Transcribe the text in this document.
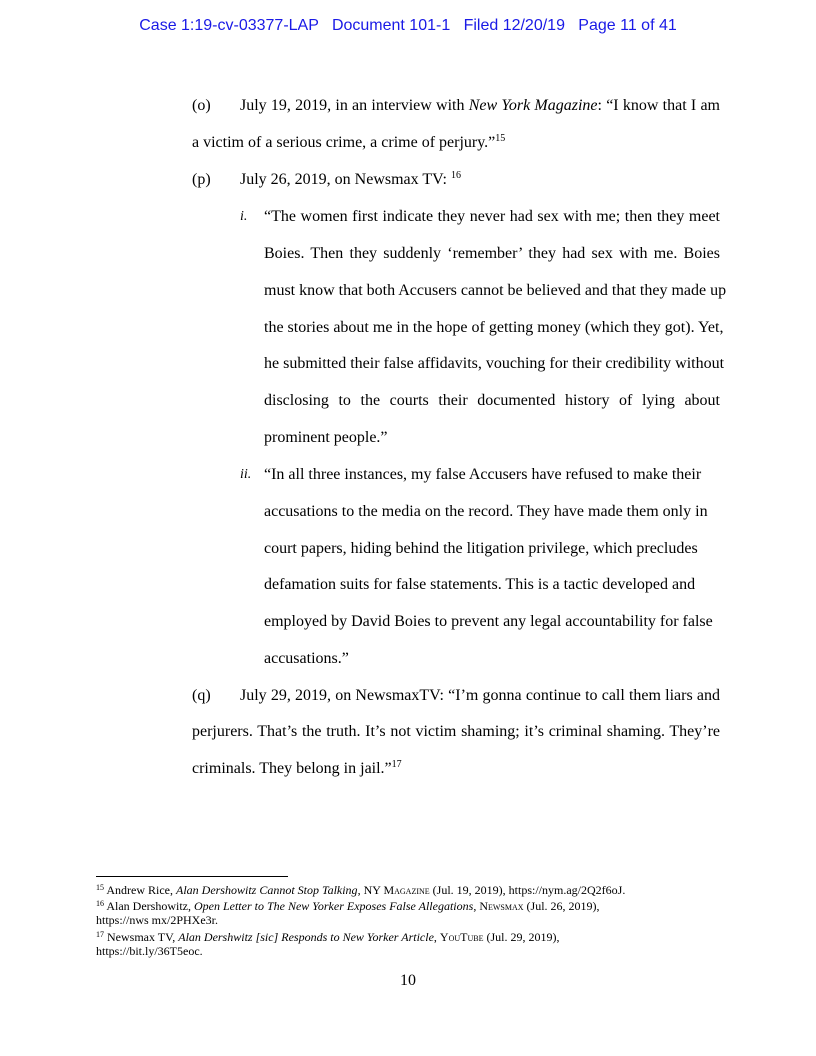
Case 1:19-cv-03377-LAP   Document 101-1   Filed 12/20/19   Page 11 of 41
(o) July 19, 2019, in an interview with New York Magazine: “I know that I am
a victim of a serious crime, a crime of perjury.”$^{15}$
(p) July 26, 2019, on Newsmax TV: $^{16}$
i. “The women first indicate they never had sex with me; then they meet
Boies. Then they suddenly ‘remember’ they had sex with me. Boies
must know that both Accusers cannot be believed and that they made up
the stories about me in the hope of getting money (which they got). Yet,
he submitted their false affidavits, vouching for their credibility without
disclosing to the courts their documented history of lying about
prominent people.”
ii. “In all three instances, my false Accusers have refused to make their
accusations to the media on the record. They have made them only in
court papers, hiding behind the litigation privilege, which precludes
defamation suits for false statements. This is a tactic developed and
employed by David Boies to prevent any legal accountability for false
accusations.”
(q) July 29, 2019, on NewsmaxTV: “I’m gonna continue to call them liars and
perjurers. That’s the truth. It’s not victim shaming; it’s criminal shaming. They’re
criminals. They belong in jail.”$^{17}$
$^{15}$ Andrew Rice, Alan Dershowitz Cannot Stop Talking, NY Magazine (Jul. 19, 2019), https://nym.ag/2Q2f6oJ.
$^{16}$ Alan Dershowitz, Open Letter to The New Yorker Exposes False Allegations, Newsmax (Jul. 26, 2019),
https://nws mx/2PHXe3r.
$^{17}$ Newsmax TV, Alan Dershwitz [sic] Responds to New Yorker Article, YouTube (Jul. 29, 2019),
https://bit.ly/36T5eoc.
10
